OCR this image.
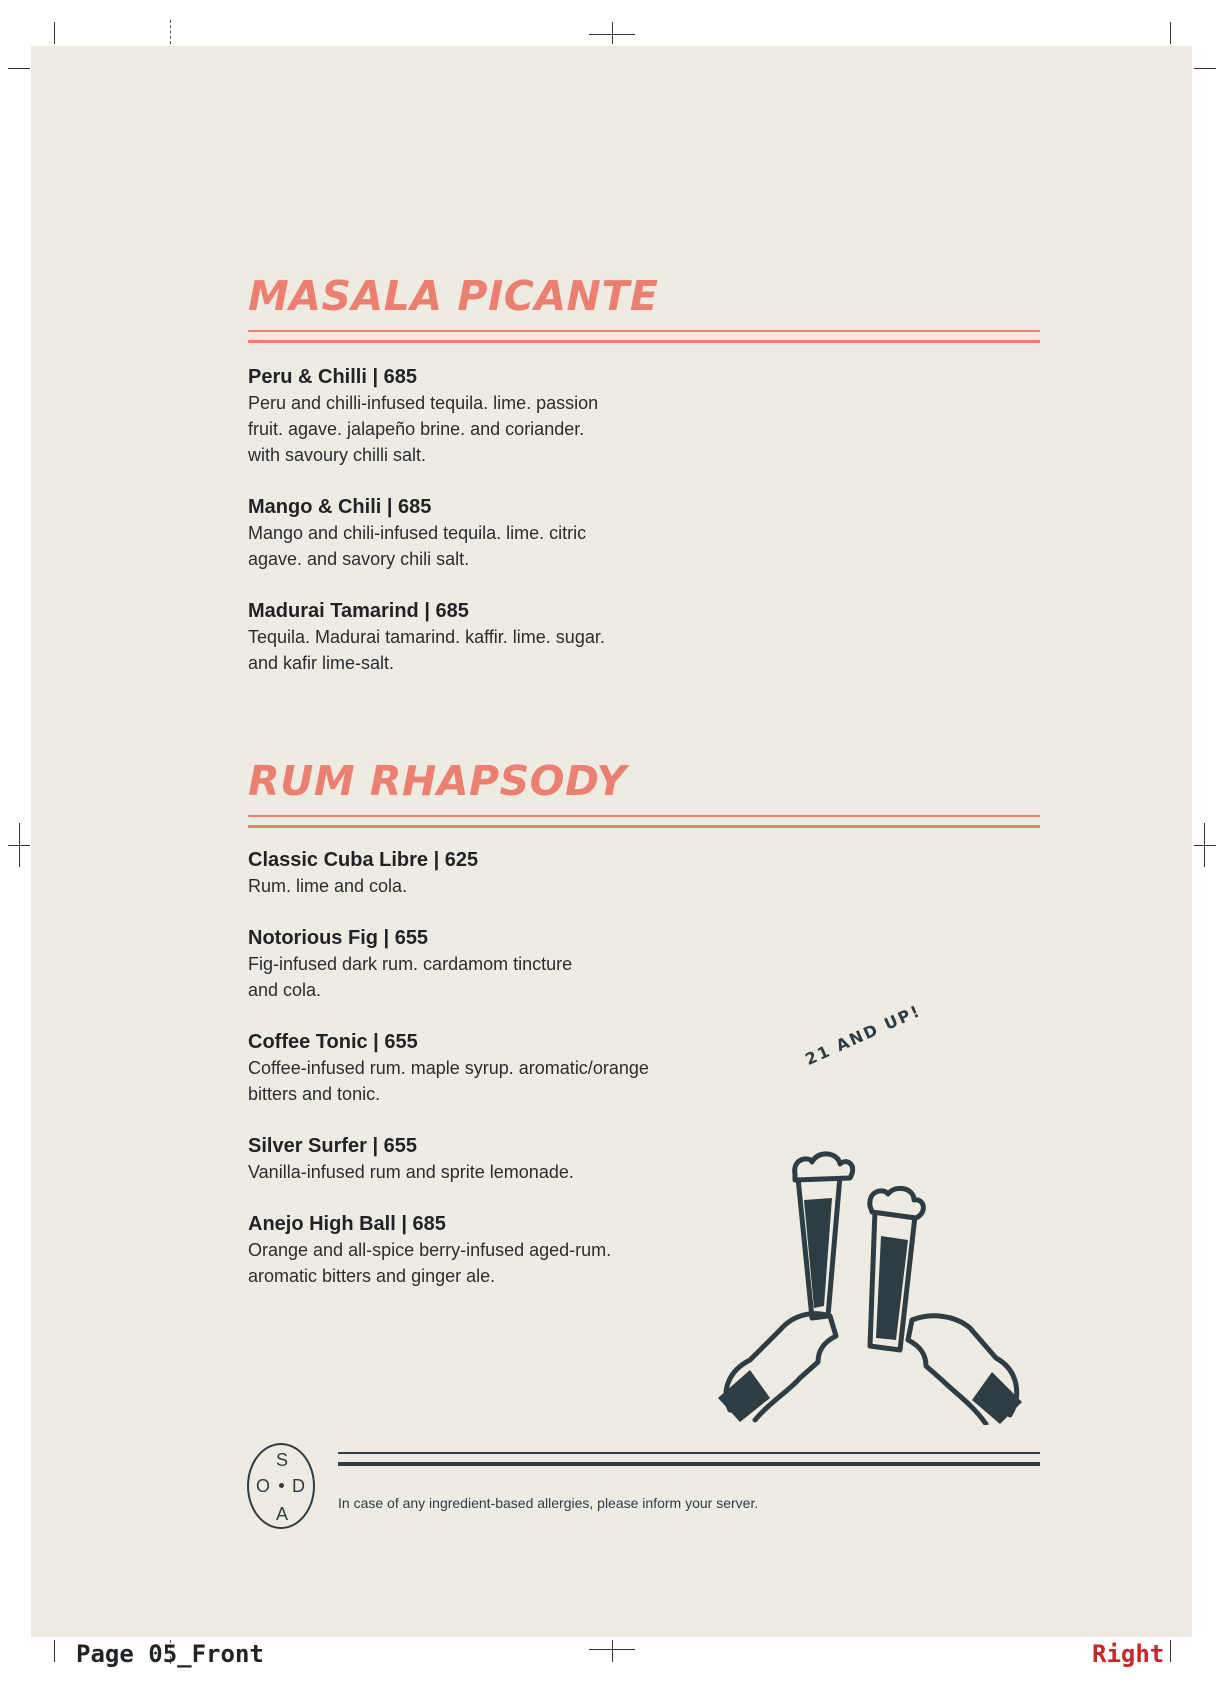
MASALA PICANTE
Peru & Chilli | 685
Peru and chilli-infused tequila. lime. passion
fruit. agave. jalapeño brine. and coriander.
with savoury chilli salt.
Mango & Chili | 685
Mango and chili-infused tequila. lime. citric
agave. and savory chili salt.
Madurai Tamarind | 685
Tequila. Madurai tamarind. kaffir. lime. sugar.
and kafir lime-salt.
RUM RHAPSODY
Classic Cuba Libre | 625
Rum. lime and cola.
Notorious Fig | 655
Fig-infused dark rum. cardamom tincture
and cola.
Coffee Tonic | 655
Coffee-infused rum. maple syrup. aromatic/orange
bitters and tonic.
Silver Surfer | 655
Vanilla-infused rum and sprite lemonade.
Anejo High Ball | 685
Orange and all-spice berry-infused aged-rum.
aromatic bitters and ginger ale.
21 AND UP!
S
O D
A
In case of any ingredient-based allergies, please inform your server.
Page 05_Front	Right
